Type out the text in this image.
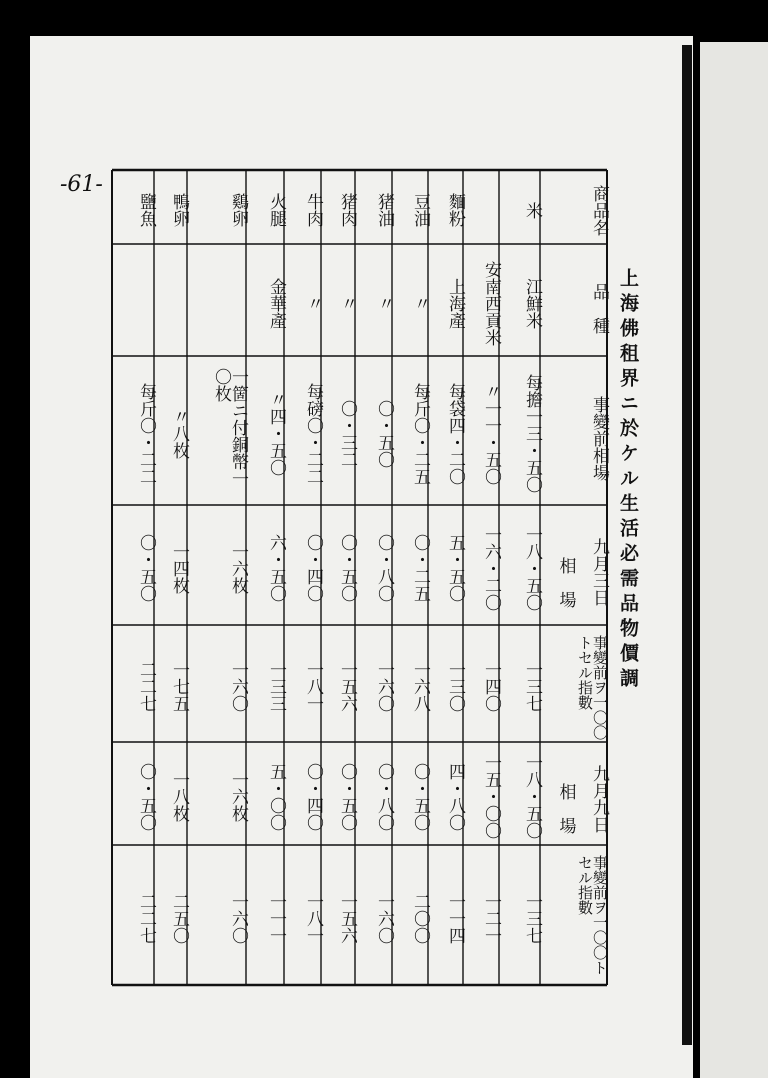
-61-
上海佛租界ニ於ケル生活必需品物價調
商品名
品　種
事變前相場
九月三日
相　場
九月九日
相　場
事變前ヲ一〇〇トセル指數
事變前ヲ一〇〇トセル指數
米
江鮮米
每擔一三・五〇
一八・五〇
一三七
一八・五〇
一三七
安南西貢米
〃一一・五〇
一六・二〇
一四〇
一五・〇〇
一二一
麵粉
上海產
每袋四・二〇
五・五〇
一三〇
四・八〇
一一四
豆油
〃
每斤〇・二五
〇・二五
一六八
〇・五〇
二〇〇
猪油
〃
〇・五〇
〇・八〇
一六〇
〇・八〇
一六〇
猪肉
〃
〇・三二
〇・五〇
一五六
〇・五〇
一五六
牛肉
〃
每磅〇・二二
〇・四〇
一八一
〇・四〇
一八一
火腿
金華產
〃四・五〇
六・五〇
一三三
五・〇〇
一一一
鷄卵
一箇ニ付銅幣一〇枚
一六枚
一六〇
一六枚
一六〇
鴨卵
〃八枚
一四枚
一七五
一八枚
二五〇
鹽魚
每斤〇・二二
〇・五〇
二二七
〇・五〇
二二七
